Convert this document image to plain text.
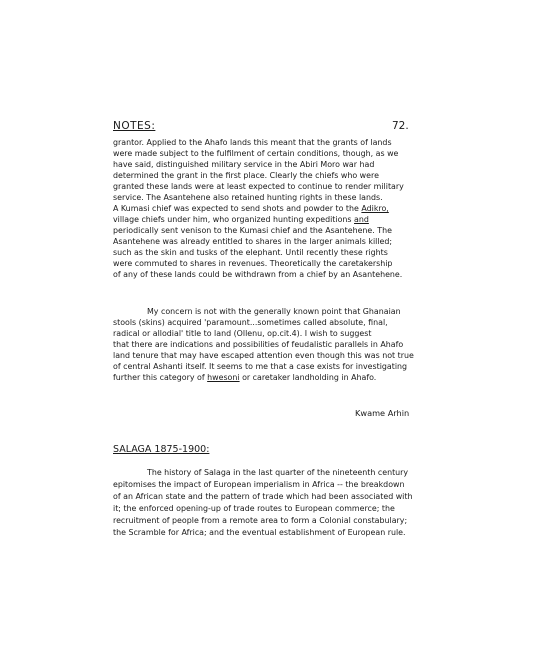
NOTES:	72.
grantor. Applied to the Ahafo lands this meant that the grants of lands
were made subject to the fulfilment of certain conditions, though, as we
have said, distinguished military service in the Abiri Moro war had
determined the grant in the first place. Clearly the chiefs who were
granted these lands were at least expected to continue to render military
service. The Asantehene also retained hunting rights in these lands.
A Kumasi chief was expected to send shots and powder to the Adikro,
village chiefs under him, who organized hunting expeditions and
periodically sent venison to the Kumasi chief and the Asantehene. The
Asantehene was already entitled to shares in the larger animals killed;
such as the skin and tusks of the elephant. Until recently these rights
were commuted to shares in revenues. Theoretically the caretakership
of any of these lands could be withdrawn from a chief by an Asantehene.
My concern is not with the generally known point that Ghanaian
stools (skins) acquired 'paramount...sometimes called absolute, final,
radical or allodial' title to land (Ollenu, op.cit.4). I wish to suggest
that there are indications and possibilities of feudalistic parallels in Ahafo
land tenure that may have escaped attention even though this was not true
of central Ashanti itself. It seems to me that a case exists for investigating
further this category of hwesoni or caretaker landholding in Ahafo.
Kwame Arhin
SALAGA 1875-1900:
The history of Salaga in the last quarter of the nineteenth century
epitomises the impact of European imperialism in Africa -- the breakdown
of an African state and the pattern of trade which had been associated with
it; the enforced opening-up of trade routes to European commerce; the
recruitment of people from a remote area to form a Colonial constabulary;
the Scramble for Africa; and the eventual establishment of European rule.
